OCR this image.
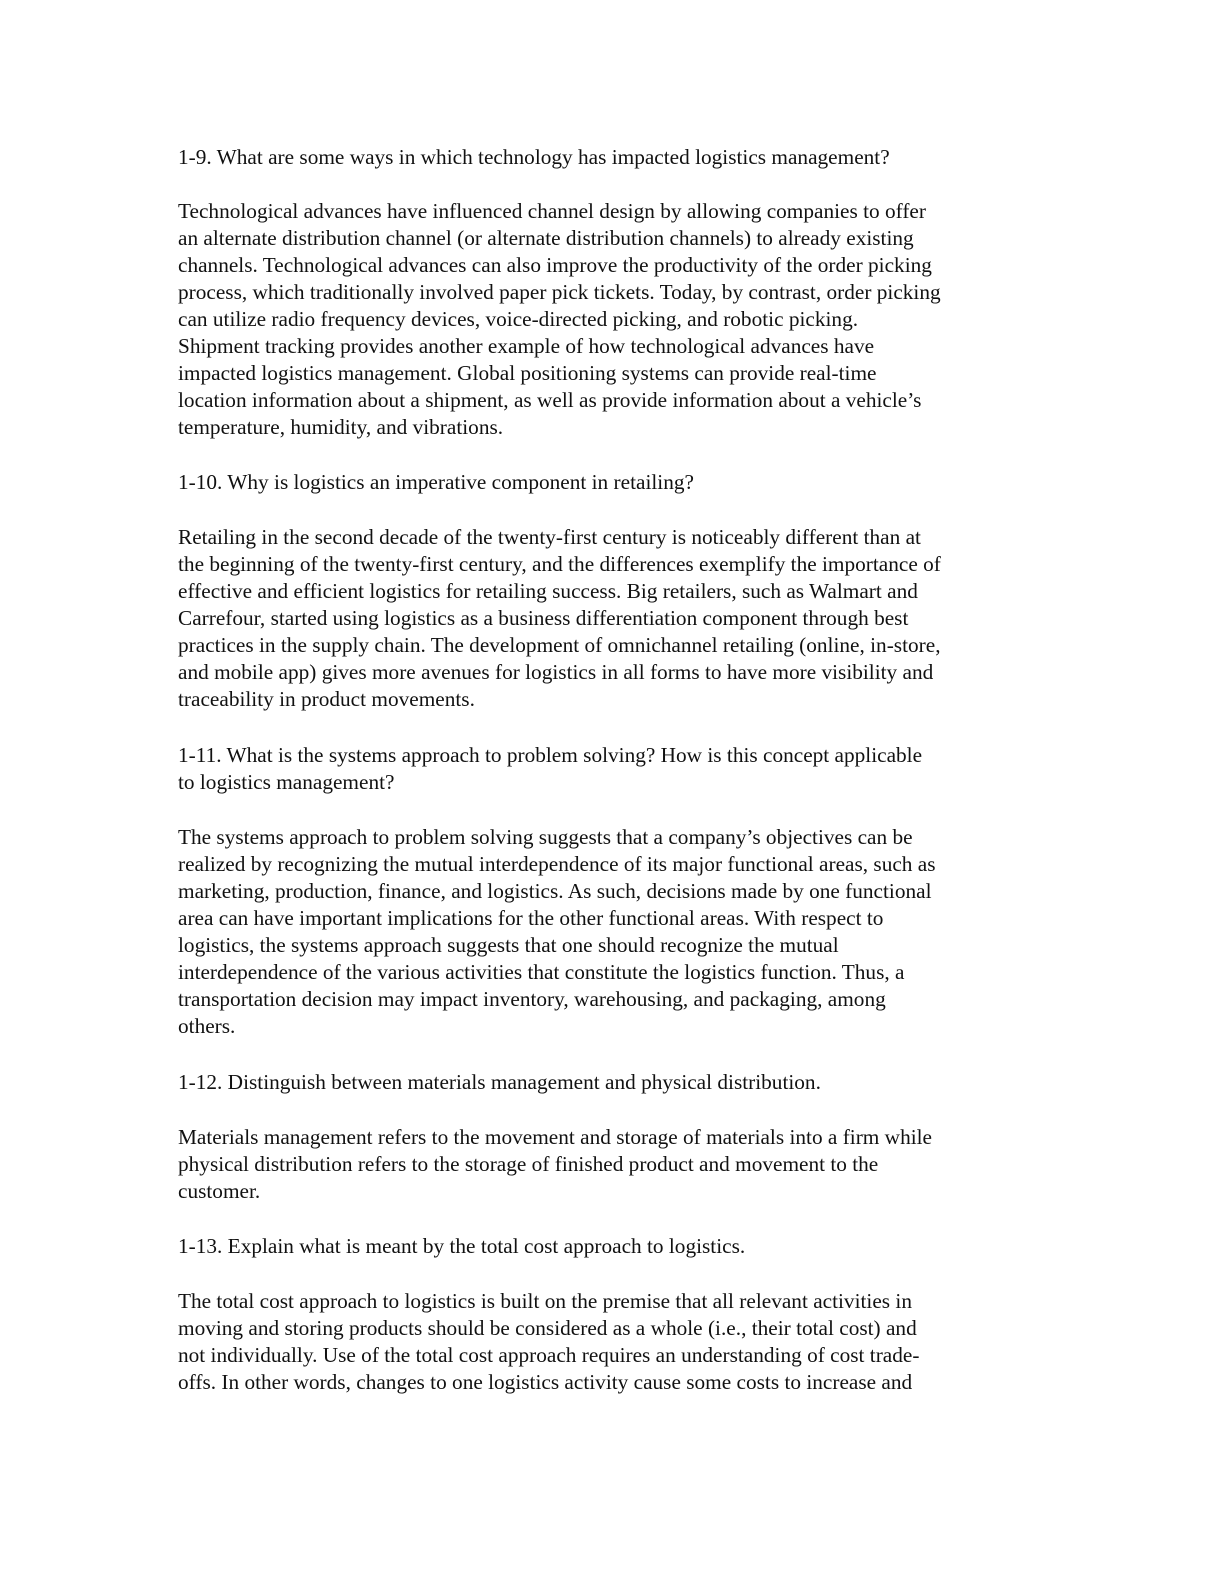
1-9. What are some ways in which technology has impacted logistics management?

Technological advances have influenced channel design by allowing companies to offer

an alternate distribution channel (or alternate distribution channels) to already existing

channels. Technological advances can also improve the productivity of the order picking

process, which traditionally involved paper pick tickets. Today, by contrast, order picking

can utilize radio frequency devices, voice-directed picking, and robotic picking.

Shipment tracking provides another example of how technological advances have

impacted logistics management. Global positioning systems can provide real-time

location information about a shipment, as well as provide information about a vehicle’s

temperature, humidity, and vibrations.

1-10. Why is logistics an imperative component in retailing?

Retailing in the second decade of the twenty-first century is noticeably different than at

the beginning of the twenty-first century, and the differences exemplify the importance of

effective and efficient logistics for retailing success. Big retailers, such as Walmart and

Carrefour, started using logistics as a business differentiation component through best

practices in the supply chain. The development of omnichannel retailing (online, in-store,

and mobile app) gives more avenues for logistics in all forms to have more visibility and

traceability in product movements.

1-11. What is the systems approach to problem solving? How is this concept applicable

to logistics management?

The systems approach to problem solving suggests that a company’s objectives can be

realized by recognizing the mutual interdependence of its major functional areas, such as

marketing, production, finance, and logistics. As such, decisions made by one functional

area can have important implications for the other functional areas. With respect to

logistics, the systems approach suggests that one should recognize the mutual

interdependence of the various activities that constitute the logistics function. Thus, a

transportation decision may impact inventory, warehousing, and packaging, among

others.

1-12. Distinguish between materials management and physical distribution.

Materials management refers to the movement and storage of materials into a firm while

physical distribution refers to the storage of finished product and movement to the

customer.

1-13. Explain what is meant by the total cost approach to logistics.

The total cost approach to logistics is built on the premise that all relevant activities in

moving and storing products should be considered as a whole (i.e., their total cost) and

not individually. Use of the total cost approach requires an understanding of cost trade-

offs. In other words, changes to one logistics activity cause some costs to increase and
